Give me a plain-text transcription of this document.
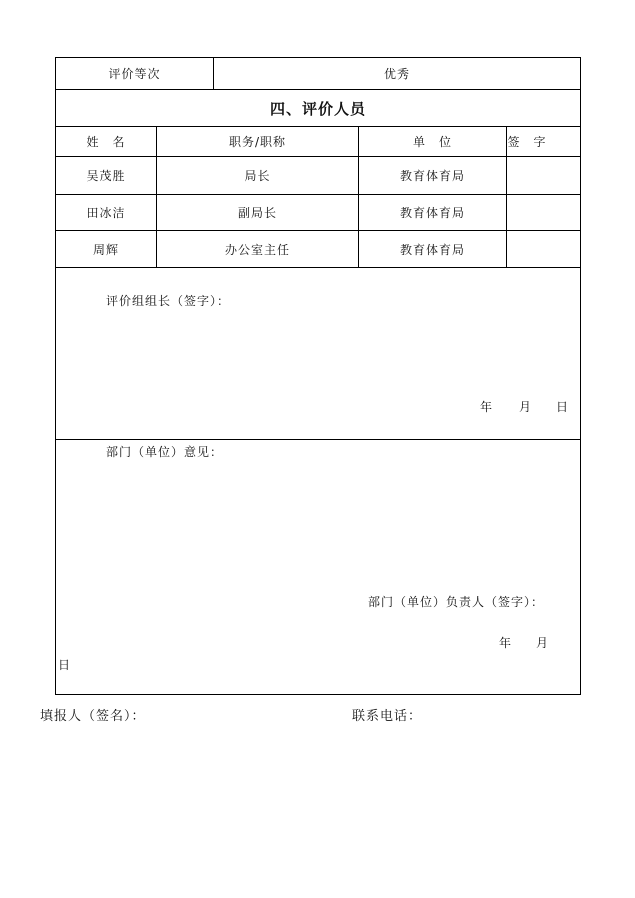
评价等次	优秀
四、评价人员
姓　名	职务/职称	单　位	签　字
吴茂胜	局长	教育体育局
田冰洁	副局长	教育体育局
周辉	办公室主任	教育体育局
评价组组长（签字）：
年 月 日
部门（单位）意见：
部门（单位）负责人（签字）：
年 月
日
填报人（签名）：	联系电话：
